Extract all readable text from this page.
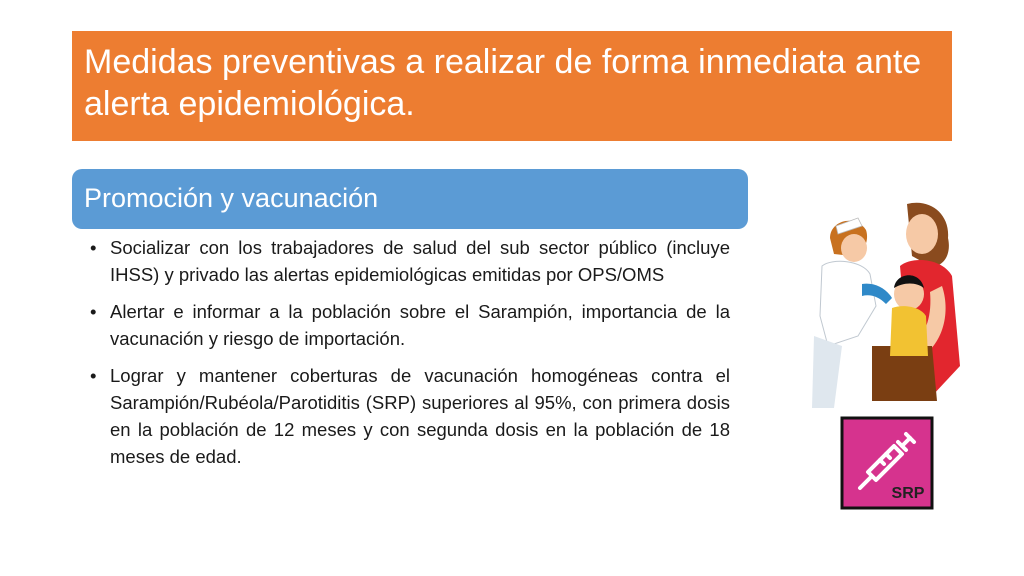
Medidas preventivas a realizar de forma inmediata ante alerta epidemiológica.
Promoción y vacunación
• Socializar con los trabajadores de salud del sub sector público (incluye IHSS) y privado las alertas epidemiológicas emitidas por OPS/OMS
• Alertar e informar a la población sobre el Sarampión, importancia de la vacunación y riesgo de importación.
• Lograr y mantener coberturas de vacunación homogéneas contra el Sarampión/Rubéola/Parotiditis (SRP) superiores al 95%, con primera dosis en la población de 12 meses y con segunda dosis en la población de 18 meses de edad.
SRP
